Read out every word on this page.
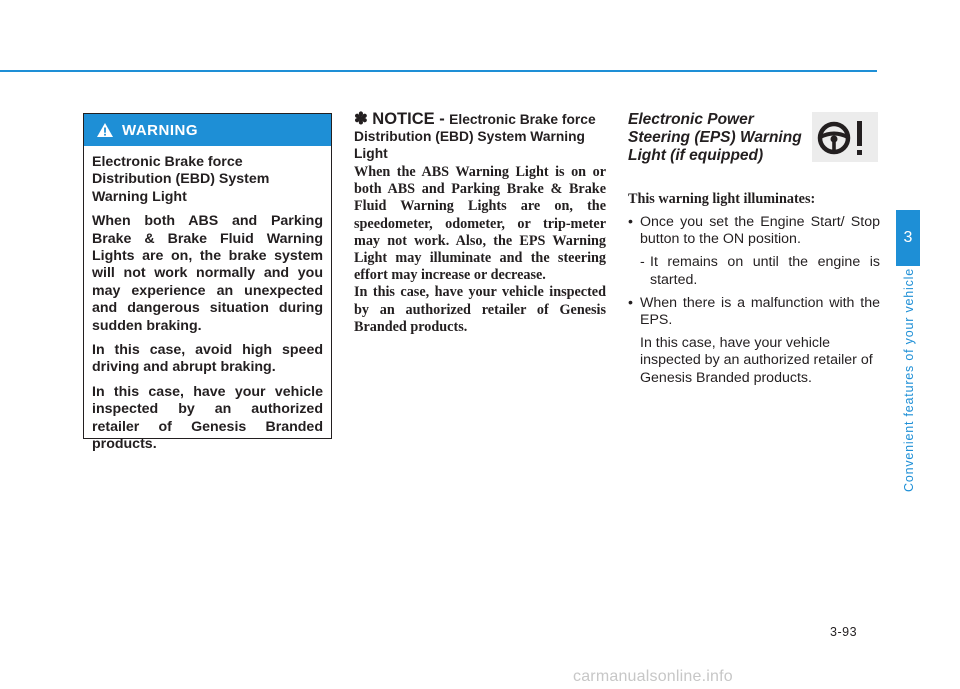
3
Convenient features of your vehicle
WARNING

Electronic Brake force Distribution (EBD) System Warning Light

When both ABS and Parking Brake & Brake Fluid Warning Lights are on, the brake system will not work normally and you may experience an unexpected and dangerous situation during sudden braking.

In this case, avoid high speed driving and abrupt braking.

In this case, have your vehicle inspected by an authorized retailer of Genesis Branded products.

✽ NOTICE - Electronic Brake force Distribution (EBD) System Warning Light

When the ABS Warning Light is on or both ABS and Parking Brake & Brake Fluid Warning Lights are on, the speedometer, odometer, or trip-meter may not work. Also, the EPS Warning Light may illuminate and the steering effort may increase or decrease.

In this case, have your vehicle inspected by an authorized retailer of Genesis Branded products.

Electronic Power Steering (EPS) Warning Light (if equipped)
This warning light illuminates:

• Once you set the Engine Start/ Stop button to the ON position.

- It remains on until the engine is started.

• When there is a malfunction with the EPS.

In this case, have your vehicle inspected by an authorized retailer of Genesis Branded products.

3-93
carmanualsonline.info
